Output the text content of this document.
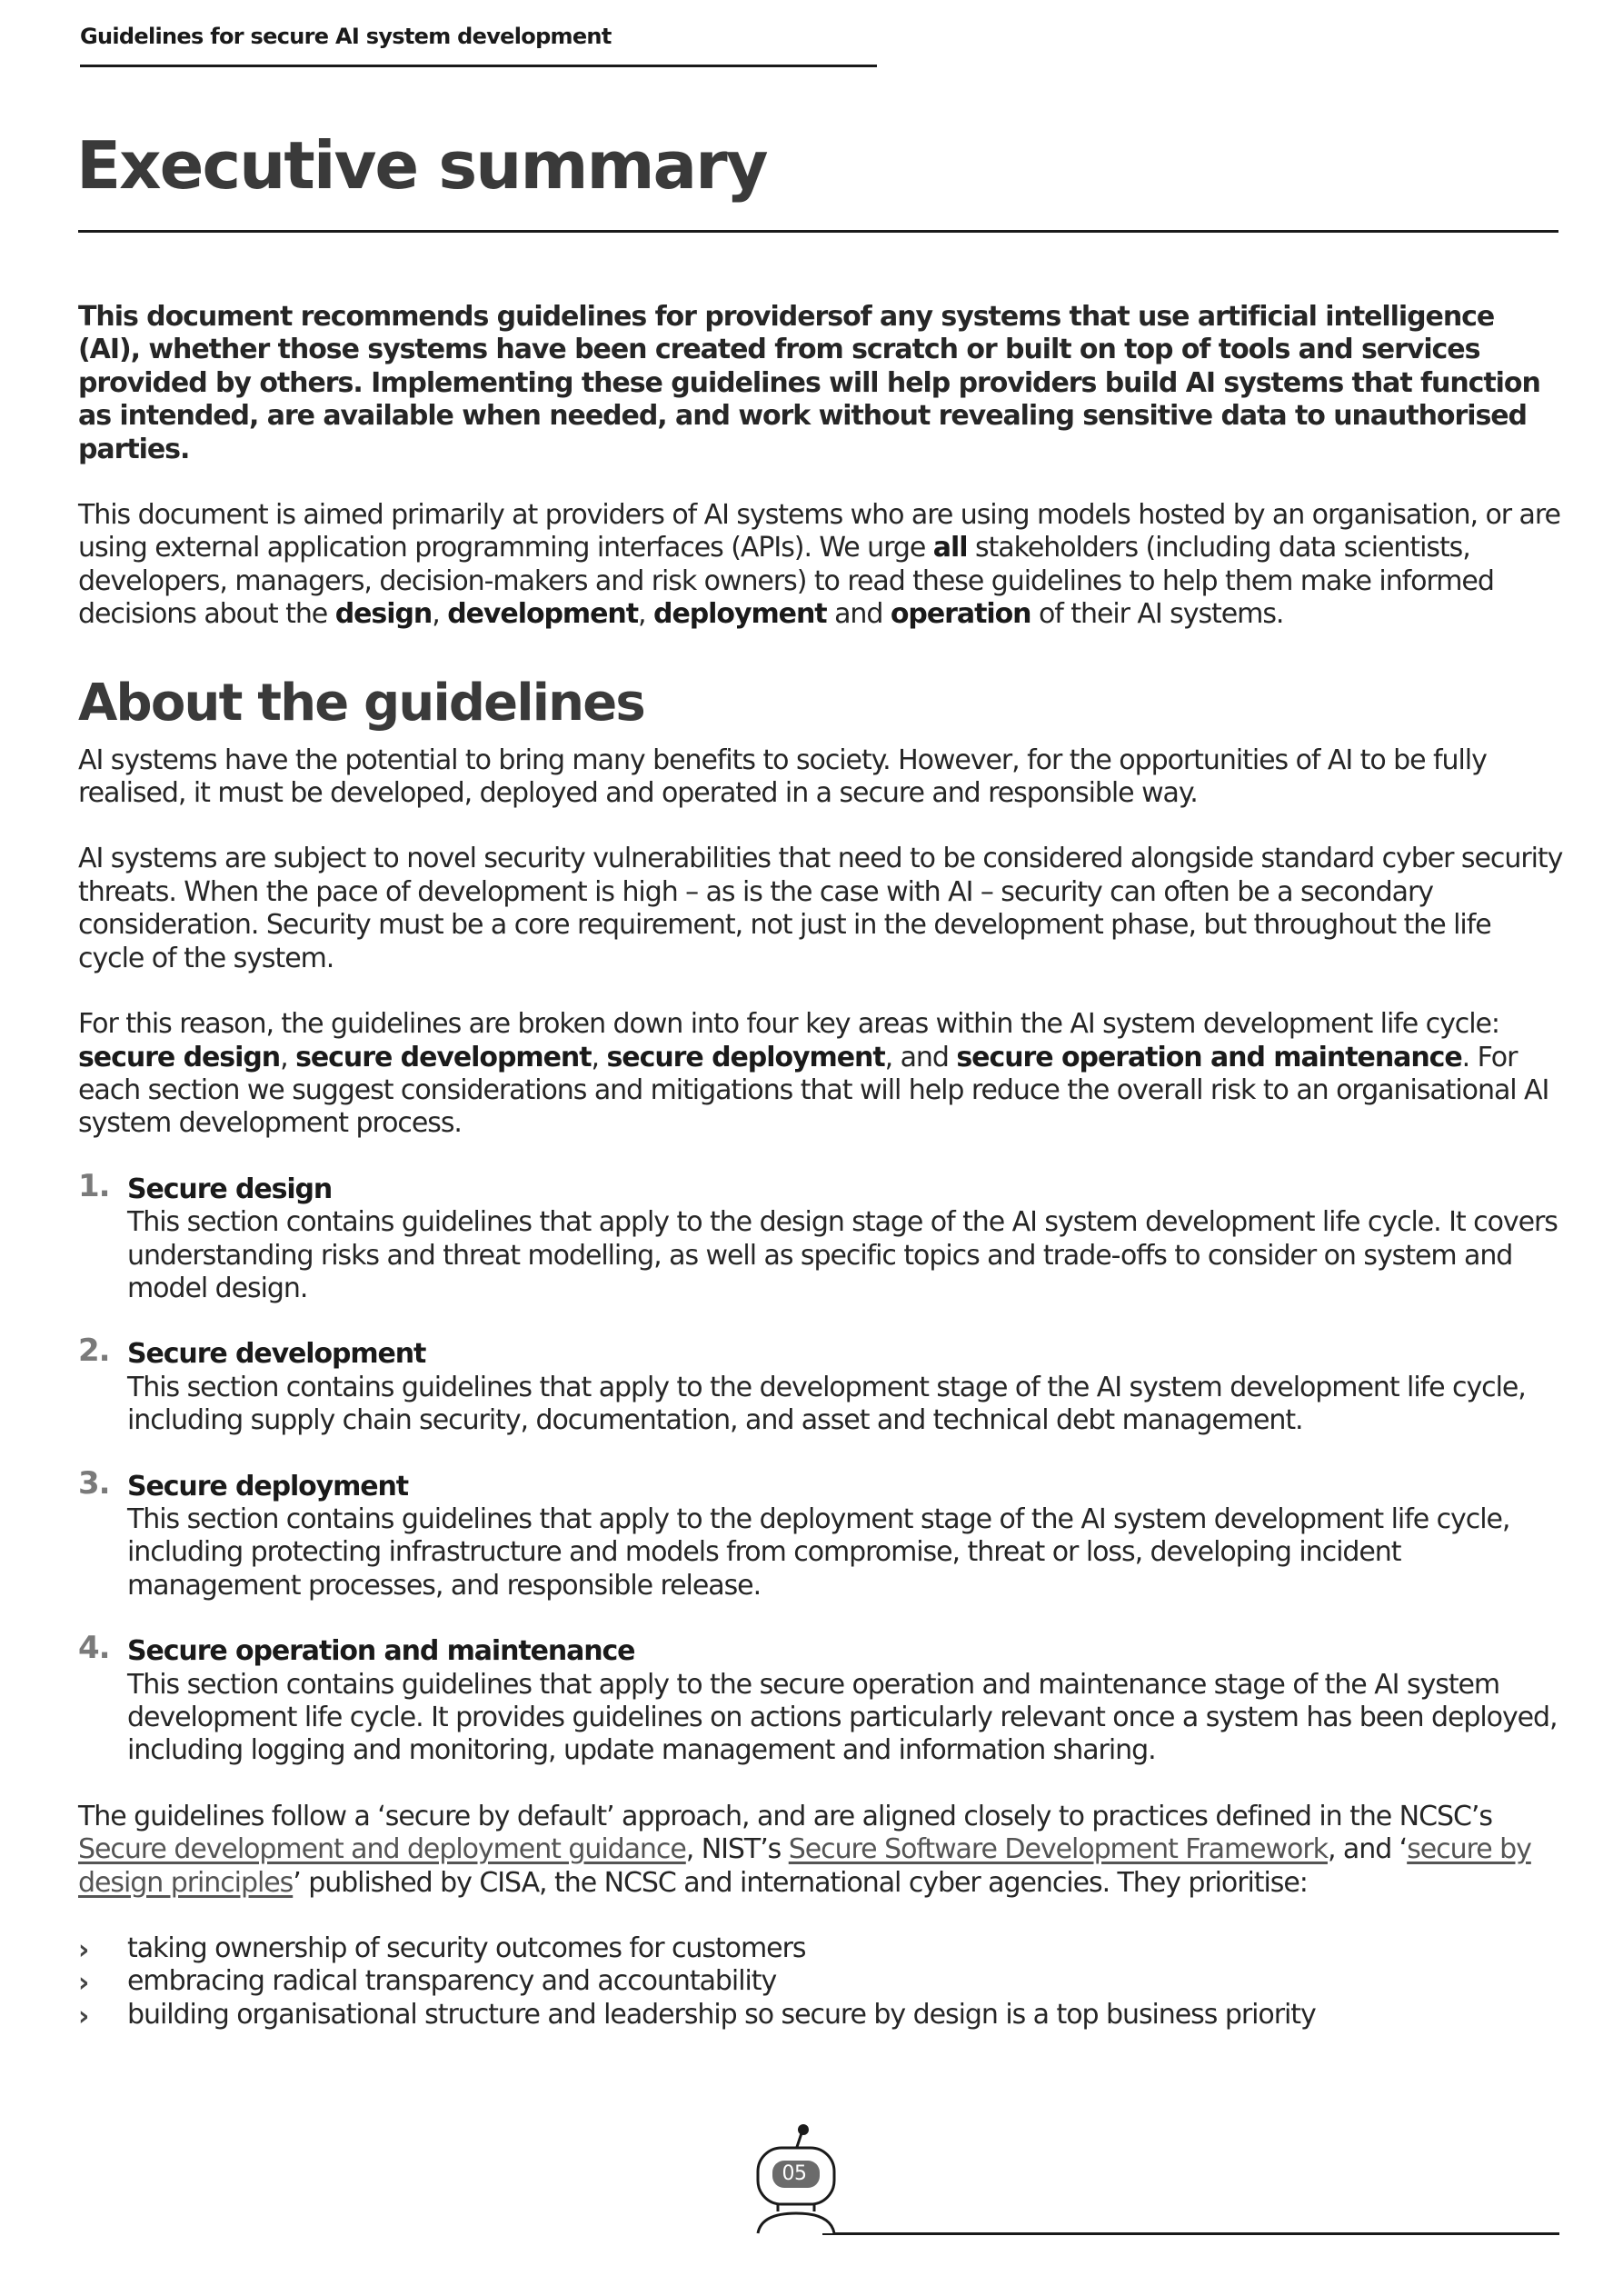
Guidelines for secure AI system development
Executive summary

This document recommends guidelines for providersof any systems that use artificial intelligence (AI), whether those systems have been created from scratch or built on top of tools and services provided by others. Implementing these guidelines will help providers build AI systems that function as intended, are available when needed, and work without revealing sensitive data to unauthorised parties.

This document is aimed primarily at providers of AI systems who are using models hosted by an organisation, or are using external application programming interfaces (APIs). We urge all stakeholders (including data scientists, developers, managers, decision-makers and risk owners) to read these guidelines to help them make informed decisions about the design, development, deployment and operation of their AI systems.

About the guidelines

AI systems have the potential to bring many benefits to society. However, for the opportunities of AI to be fully realised, it must be developed, deployed and operated in a secure and responsible way.

AI systems are subject to novel security vulnerabilities that need to be considered alongside standard cyber security threats. When the pace of development is high – as is the case with AI – security can often be a secondary consideration. Security must be a core requirement, not just in the development phase, but throughout the life cycle of the system.

For this reason, the guidelines are broken down into four key areas within the AI system development life cycle: secure design, secure development, secure deployment, and secure operation and maintenance. For each section we suggest considerations and mitigations that will help reduce the overall risk to an organisational AI system development process.

1. Secure design
This section contains guidelines that apply to the design stage of the AI system development life cycle. It covers understanding risks and threat modelling, as well as specific topics and trade-offs to consider on system and model design.
2. Secure development
This section contains guidelines that apply to the development stage of the AI system development life cycle, including supply chain security, documentation, and asset and technical debt management.
3. Secure deployment
This section contains guidelines that apply to the deployment stage of the AI system development life cycle, including protecting infrastructure and models from compromise, threat or loss, developing incident management processes, and responsible release.
4. Secure operation and maintenance
This section contains guidelines that apply to the secure operation and maintenance stage of the AI system development life cycle. It provides guidelines on actions particularly relevant once a system has been deployed, including logging and monitoring, update management and information sharing.

The guidelines follow a ‘secure by default’ approach, and are aligned closely to practices defined in the NCSC’s Secure development and deployment guidance, NIST’s Secure Software Development Framework, and ‘secure by design principles’ published by CISA, the NCSC and international cyber agencies. They prioritise:

› taking ownership of security outcomes for customers
› embracing radical transparency and accountability
› building organisational structure and leadership so secure by design is a top business priority
05
